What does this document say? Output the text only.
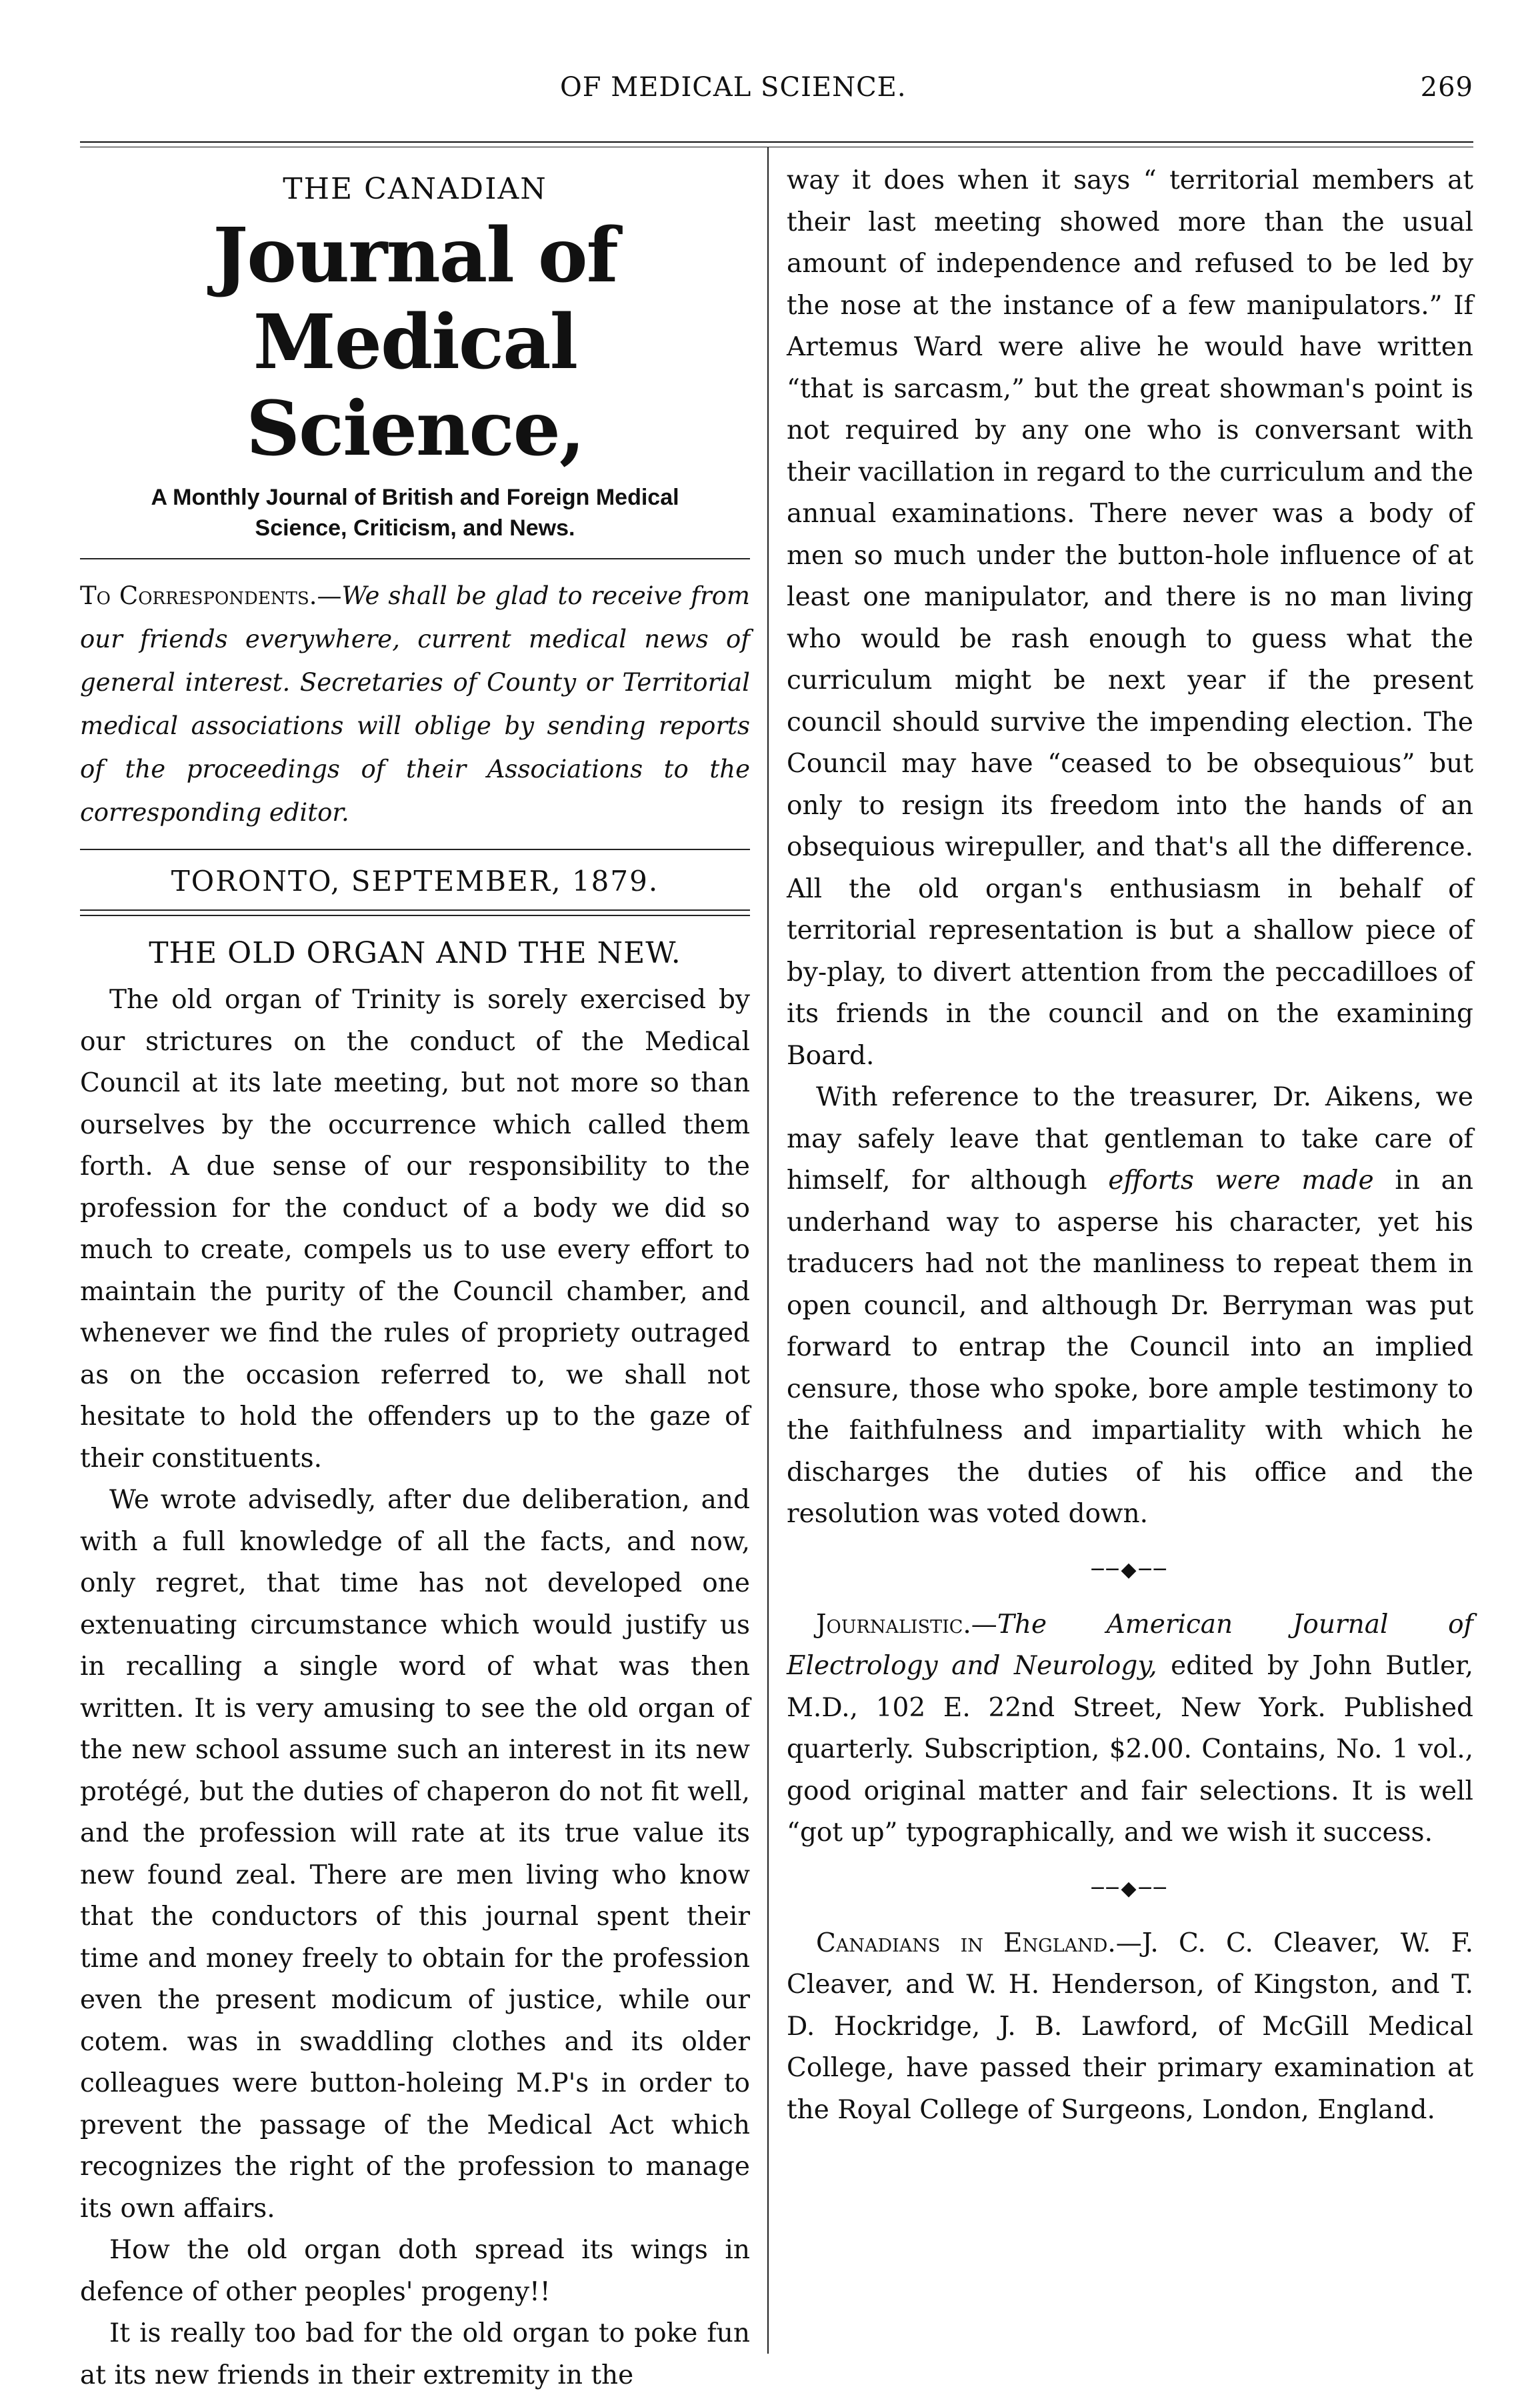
OF MEDICAL SCIENCE.	269
THE CANADIAN
Journal of Medical Science,
A Monthly Journal of British and Foreign Medical
Science, Criticism, and News.
To Correspondents.—We shall be glad to receive from our friends everywhere, current medical news of general interest. Secretaries of County or Territorial medical associations will oblige by sending reports of the proceedings of their Associations to the corresponding editor.
TORONTO, SEPTEMBER, 1879.
THE OLD ORGAN AND THE NEW.

The old organ of Trinity is sorely exercised by our strictures on the conduct of the Medical Council at its late meeting, but not more so than ourselves by the occurrence which called them forth. A due sense of our responsibility to the profession for the conduct of a body we did so much to create, compels us to use every effort to maintain the purity of the Council chamber, and whenever we find the rules of propriety outraged as on the occasion referred to, we shall not hesitate to hold the offenders up to the gaze of their constituents.

We wrote advisedly, after due deliberation, and with a full knowledge of all the facts, and now, only regret, that time has not developed one extenuating circumstance which would justify us in recalling a single word of what was then written. It is very amusing to see the old organ of the new school assume such an interest in its new protégé, but the duties of chaperon do not fit well, and the profession will rate at its true value its new found zeal. There are men living who know that the conductors of this journal spent their time and money freely to obtain for the profession even the present modicum of justice, while our cotem. was in swaddling clothes and its older colleagues were button-holeing M.P's in order to prevent the passage of the Medical Act which recognizes the right of the profession to manage its own affairs.

How the old organ doth spread its wings in defence of other peoples' progeny!!

It is really too bad for the old organ to poke fun at its new friends in their extremity in the

way it does when it says “ territorial members at their last meeting showed more than the usual amount of independence and refused to be led by the nose at the instance of a few manipulators.” If Artemus Ward were alive he would have written “that is sarcasm,” but the great showman's point is not required by any one who is conversant with their vacillation in regard to the curriculum and the annual examinations. There never was a body of men so much under the button-hole influence of at least one manipulator, and there is no man living who would be rash enough to guess what the curriculum might be next year if the present council should survive the impending election. The Council may have “ceased to be obsequious” but only to resign its freedom into the hands of an obsequious wirepuller, and that's all the difference. All the old organ's enthusiasm in behalf of territorial representation is but a shallow piece of by-play, to divert attention from the peccadilloes of its friends in the council and on the examining Board.

With reference to the treasurer, Dr. Aikens, we may safely leave that gentleman to take care of himself, for although efforts were made in an underhand way to asperse his character, yet his traducers had not the manliness to repeat them in open council, and although Dr. Berryman was put forward to entrap the Council into an implied censure, those who spoke, bore ample testimony to the faithfulness and impartiality with which he discharges the duties of his office and the resolution was voted down.

──◆──

Journalistic.—The American Journal of Electrology and Neurology, edited by John Butler, M.D., 102 E. 22nd Street, New York. Published quarterly. Subscription, $2.00. Contains, No. 1 vol., good original matter and fair selections. It is well “got up” typographically, and we wish it success.

──◆──

Canadians in England.—J. C. C. Cleaver, W. F. Cleaver, and W. H. Henderson, of Kingston, and T. D. Hockridge, J. B. Lawford, of McGill Medical College, have passed their primary examination at the Royal College of Surgeons, London, England.
